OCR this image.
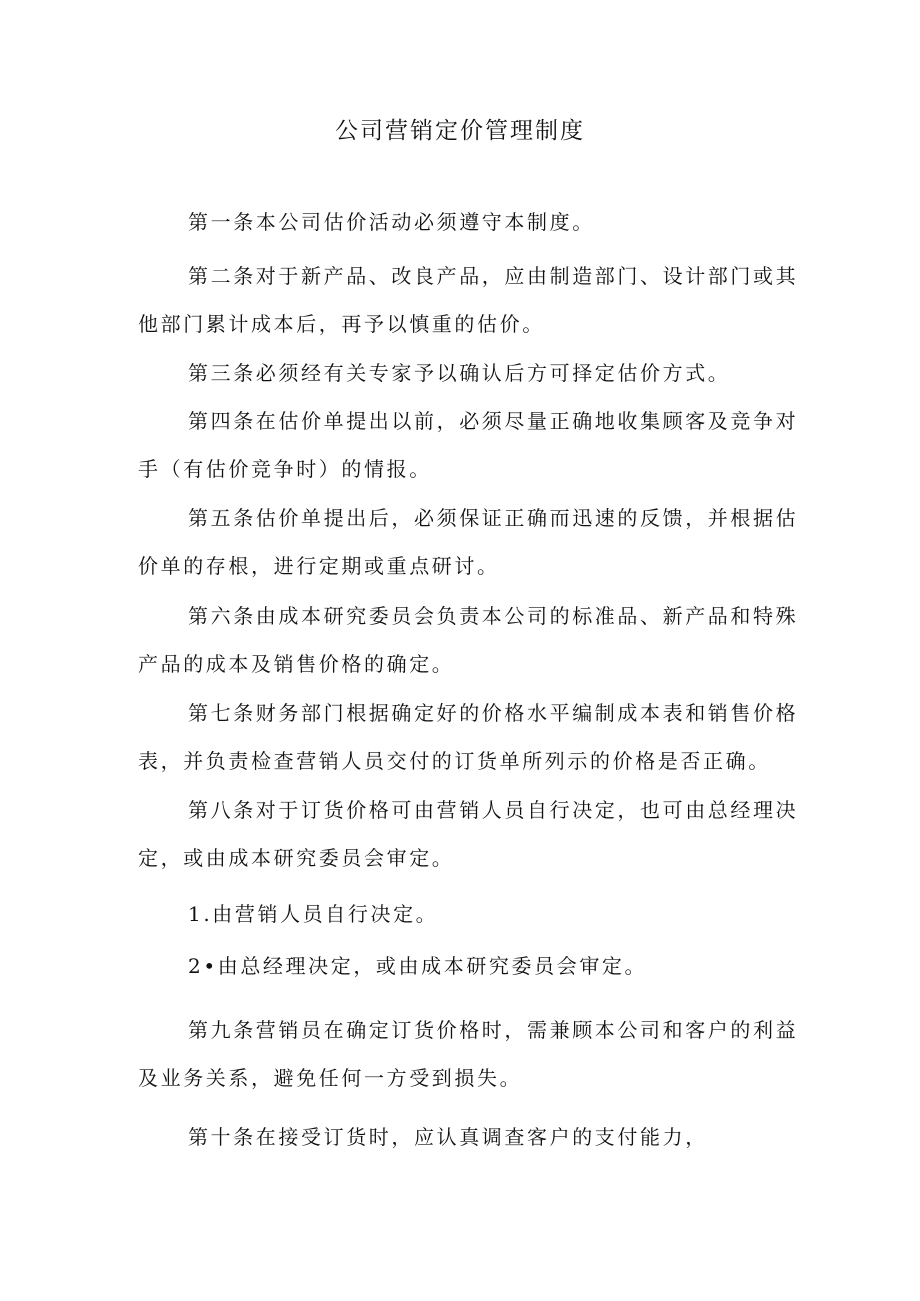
公司营销定价管理制度

第一条本公司估价活动必须遵守本制度。

第二条对于新产品、改良产品，应由制造部门、设计部门或其他部门累计成本后，再予以慎重的估价。

第三条必须经有关专家予以确认后方可择定估价方式。

第四条在估价单提出以前，必须尽量正确地收集顾客及竞争对手（有估价竞争时）的情报。

第五条估价单提出后，必须保证正确而迅速的反馈，并根据估价单的存根，进行定期或重点研讨。

第六条由成本研究委员会负责本公司的标准品、新产品和特殊产品的成本及销售价格的确定。

第七条财务部门根据确定好的价格水平编制成本表和销售价格表，并负责检查营销人员交付的订货单所列示的价格是否正确。

第八条对于订货价格可由营销人员自行决定，也可由总经理决定，或由成本研究委员会审定。

1.由营销人员自行决定。

2•由总经理决定，或由成本研究委员会审定。

第九条营销员在确定订货价格时，需兼顾本公司和客户的利益及业务关系，避免任何一方受到损失。

第十条在接受订货时，应认真调查客户的支付能力，
